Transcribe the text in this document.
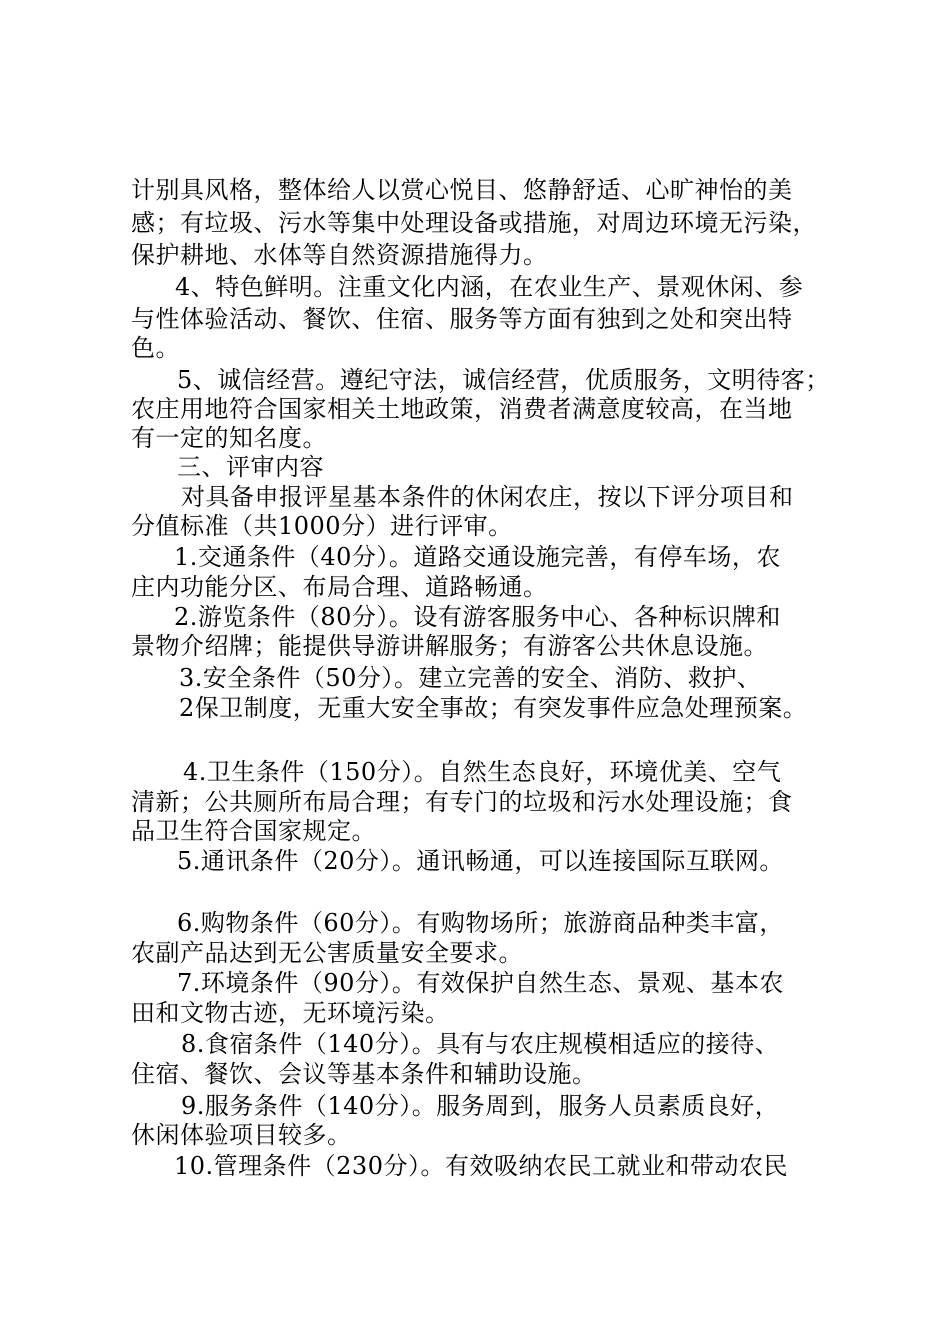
计别具风格，整体给人以赏心悦目、悠静舒适、心旷神怡的美

感；有垃圾、污水等集中处理设备或措施，对周边环境无污染，

保护耕地、水体等自然资源措施得力。

4、特色鲜明。注重文化内涵，在农业生产、景观休闲、参

与性体验活动、餐饮、住宿、服务等方面有独到之处和突出特

色。

5、诚信经营。遵纪守法，诚信经营，优质服务，文明待客；

农庄用地符合国家相关土地政策，消费者满意度较高，在当地

有一定的知名度。

三、评审内容

对具备申报评星基本条件的休闲农庄，按以下评分项目和

分值标准（共1000分）进行评审。

1.交通条件（40分）。道路交通设施完善，有停车场，农

庄内功能分区、布局合理、道路畅通。

2.游览条件（80分）。设有游客服务中心、各种标识牌和

景物介绍牌；能提供导游讲解服务；有游客公共休息设施。

3.安全条件（50分）。建立完善的安全、消防、救护、

2保卫制度，无重大安全事故；有突发事件应急处理预案。

4.卫生条件（150分）。自然生态良好，环境优美、空气

清新；公共厕所布局合理；有专门的垃圾和污水处理设施；食

品卫生符合国家规定。

5.通讯条件（20分）。通讯畅通，可以连接国际互联网。

6.购物条件（60分）。有购物场所；旅游商品种类丰富，

农副产品达到无公害质量安全要求。

7.环境条件（90分）。有效保护自然生态、景观、基本农

田和文物古迹，无环境污染。

8.食宿条件（140分）。具有与农庄规模相适应的接待、

住宿、餐饮、会议等基本条件和辅助设施。

9.服务条件（140分）。服务周到，服务人员素质良好，

休闲体验项目较多。

10.管理条件（230分）。有效吸纳农民工就业和带动农民
